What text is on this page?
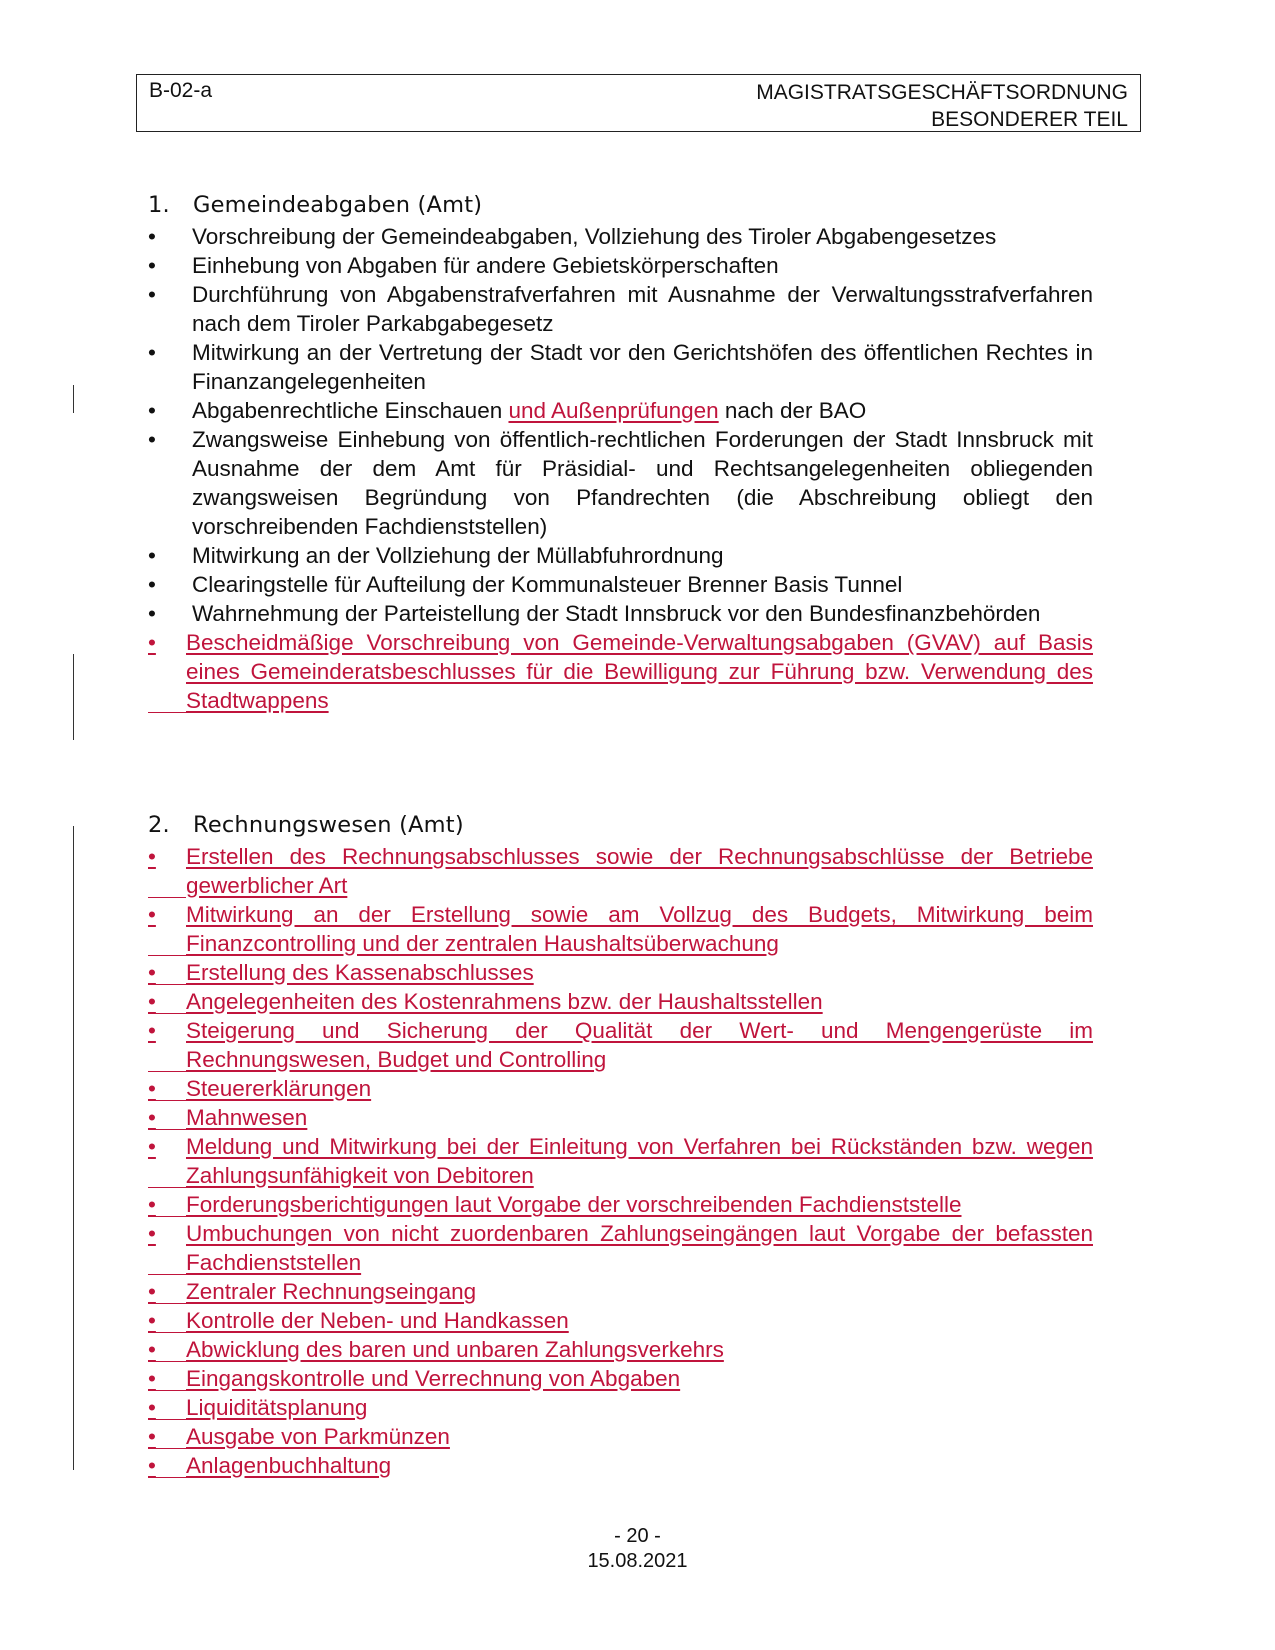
B-02-a	MAGISTRATSGESCHÄFTSORDNUNG
BESONDERER TEIL
1. Gemeindeabgaben (Amt)
• Vorschreibung der Gemeindeabgaben, Vollziehung des Tiroler Abgabengesetzes
• Einhebung von Abgaben für andere Gebietskörperschaften
• Durchführung von Abgabenstrafverfahren mit Ausnahme der Verwaltungsstrafverfahren nach dem Tiroler Parkabgabegesetz
• Mitwirkung an der Vertretung der Stadt vor den Gerichtshöfen des öffentlichen Rechtes in Finanzangelegenheiten
• Abgabenrechtliche Einschauen und Außenprüfungen nach der BAO
• Zwangsweise Einhebung von öffentlich-rechtlichen Forderungen der Stadt Innsbruck mit Ausnahme der dem Amt für Präsidial- und Rechtsangelegenheiten obliegenden zwangsweisen Begründung von Pfandrechten (die Abschreibung obliegt den vorschreibenden Fachdienststellen)
• Mitwirkung an der Vollziehung der Müllabfuhrordnung
• Clearingstelle für Aufteilung der Kommunalsteuer Brenner Basis Tunnel
• Wahrnehmung der Parteistellung der Stadt Innsbruck vor den Bundesfinanzbehörden
• Bescheidmäßige Vorschreibung von Gemeinde-Verwaltungsabgaben (GVAV) auf Basis eines Gemeinderatsbeschlusses für die Bewilligung zur Führung bzw. Verwendung des Stadtwappens
2. Rechnungswesen (Amt)
• Erstellen des Rechnungsabschlusses sowie der Rechnungsabschlüsse der Betriebe gewerblicher Art
• Mitwirkung an der Erstellung sowie am Vollzug des Budgets, Mitwirkung beim Finanzcontrolling und der zentralen Haushaltsüberwachung
• Erstellung des Kassenabschlusses
• Angelegenheiten des Kostenrahmens bzw. der Haushaltsstellen
• Steigerung und Sicherung der Qualität der Wert- und Mengengerüste im Rechnungswesen, Budget und Controlling
• Steuererklärungen
• Mahnwesen
• Meldung und Mitwirkung bei der Einleitung von Verfahren bei Rückständen bzw. wegen Zahlungsunfähigkeit von Debitoren
• Forderungsberichtigungen laut Vorgabe der vorschreibenden Fachdienststelle
• Umbuchungen von nicht zuordenbaren Zahlungseingängen laut Vorgabe der befassten Fachdienststellen
• Zentraler Rechnungseingang
• Kontrolle der Neben- und Handkassen
• Abwicklung des baren und unbaren Zahlungsverkehrs
• Eingangskontrolle und Verrechnung von Abgaben
• Liquiditätsplanung
• Ausgabe von Parkmünzen
• Anlagenbuchhaltung
- 20 -
15.08.2021
